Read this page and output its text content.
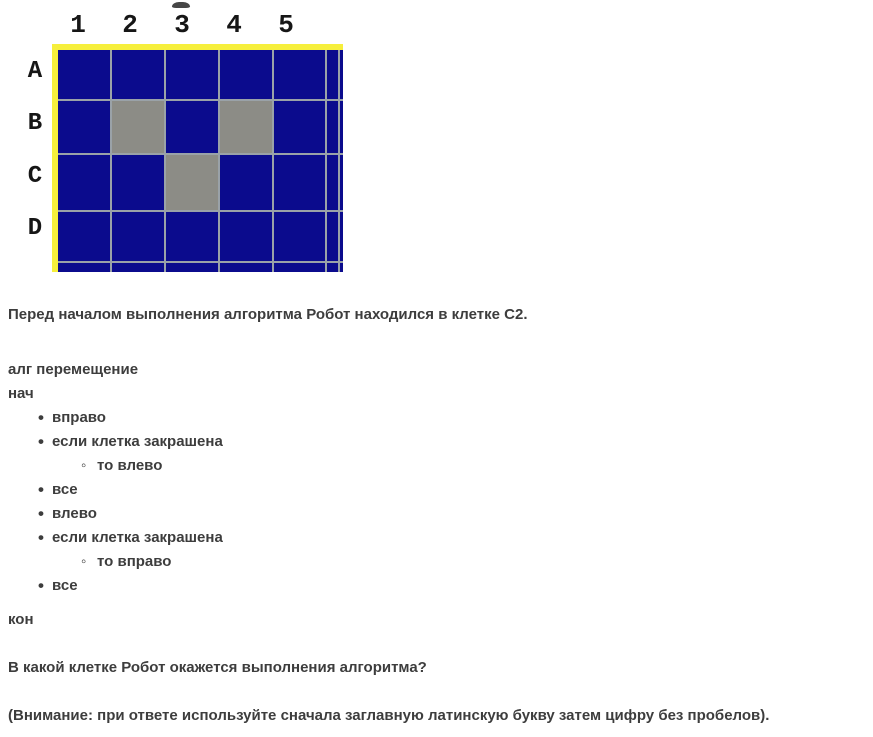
1	2	3	4	5
A
B
C
D

Перед началом выполнения алгоритма Робот находился в клетке C2.

алг перемещение
нач
• вправо
• если клетка закрашена
◦ то влево
• все
• влево
• если клетка закрашена
◦ то вправо
• все

кон

В какой клетке Робот окажется выполнения алгоритма?

(Внимание: при ответе используйте сначала заглавную латинскую букву затем цифру без пробелов).
